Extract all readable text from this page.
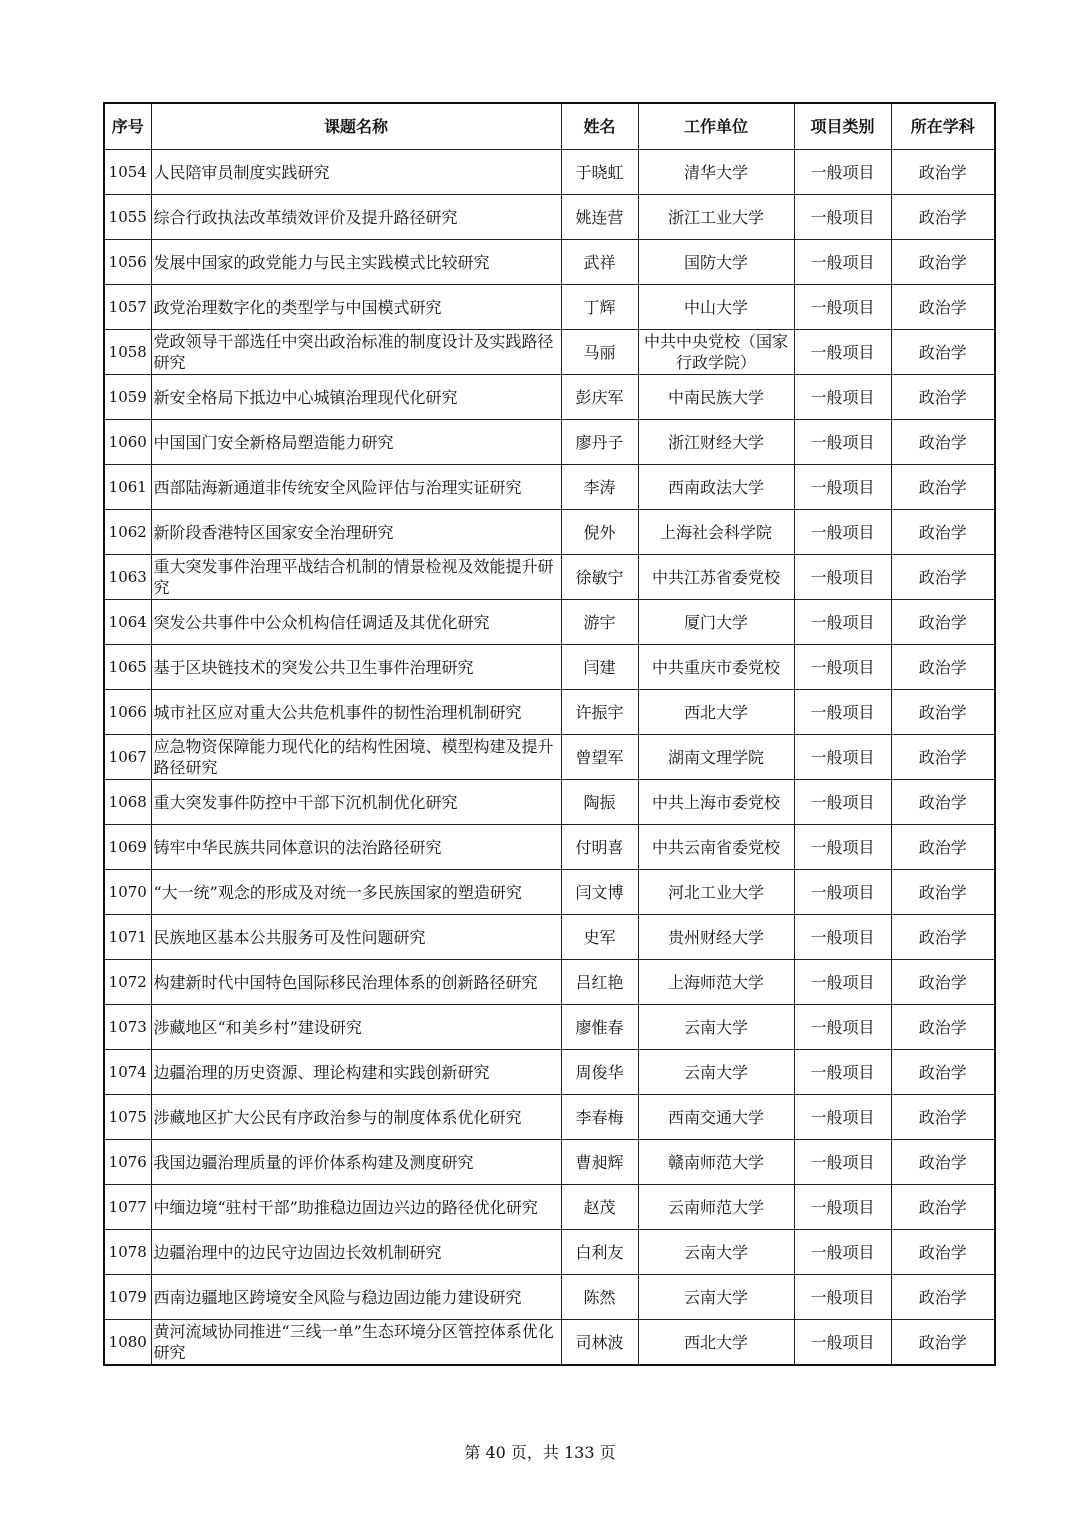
序号	课题名称	姓名	工作单位	项目类别	所在学科
1054	人民陪审员制度实践研究	于晓虹	清华大学	一般项目	政治学
1055	综合行政执法改革绩效评价及提升路径研究	姚连营	浙江工业大学	一般项目	政治学
1056	发展中国家的政党能力与民主实践模式比较研究	武祥	国防大学	一般项目	政治学
1057	政党治理数字化的类型学与中国模式研究	丁辉	中山大学	一般项目	政治学
1058	党政领导干部选任中突出政治标准的制度设计及实践路径研究	马丽	中共中央党校（国家行政学院）	一般项目	政治学
1059	新安全格局下抵边中心城镇治理现代化研究	彭庆军	中南民族大学	一般项目	政治学
1060	中国国门安全新格局塑造能力研究	廖丹子	浙江财经大学	一般项目	政治学
1061	西部陆海新通道非传统安全风险评估与治理实证研究	李涛	西南政法大学	一般项目	政治学
1062	新阶段香港特区国家安全治理研究	倪外	上海社会科学院	一般项目	政治学
1063	重大突发事件治理平战结合机制的情景检视及效能提升研究	徐敏宁	中共江苏省委党校	一般项目	政治学
1064	突发公共事件中公众机构信任调适及其优化研究	游宇	厦门大学	一般项目	政治学
1065	基于区块链技术的突发公共卫生事件治理研究	闫建	中共重庆市委党校	一般项目	政治学
1066	城市社区应对重大公共危机事件的韧性治理机制研究	许振宇	西北大学	一般项目	政治学
1067	应急物资保障能力现代化的结构性困境、模型构建及提升路径研究	曾望军	湖南文理学院	一般项目	政治学
1068	重大突发事件防控中干部下沉机制优化研究	陶振	中共上海市委党校	一般项目	政治学
1069	铸牢中华民族共同体意识的法治路径研究	付明喜	中共云南省委党校	一般项目	政治学
1070	“大一统”观念的形成及对统一多民族国家的塑造研究	闫文博	河北工业大学	一般项目	政治学
1071	民族地区基本公共服务可及性问题研究	史军	贵州财经大学	一般项目	政治学
1072	构建新时代中国特色国际移民治理体系的创新路径研究	吕红艳	上海师范大学	一般项目	政治学
1073	涉藏地区“和美乡村”建设研究	廖惟春	云南大学	一般项目	政治学
1074	边疆治理的历史资源、理论构建和实践创新研究	周俊华	云南大学	一般项目	政治学
1075	涉藏地区扩大公民有序政治参与的制度体系优化研究	李春梅	西南交通大学	一般项目	政治学
1076	我国边疆治理质量的评价体系构建及测度研究	曹昶辉	赣南师范大学	一般项目	政治学
1077	中缅边境“驻村干部”助推稳边固边兴边的路径优化研究	赵茂	云南师范大学	一般项目	政治学
1078	边疆治理中的边民守边固边长效机制研究	白利友	云南大学	一般项目	政治学
1079	西南边疆地区跨境安全风险与稳边固边能力建设研究	陈然	云南大学	一般项目	政治学
1080	黄河流域协同推进“三线一单”生态环境分区管控体系优化研究	司林波	西北大学	一般项目	政治学
第 40 页，共 133 页
